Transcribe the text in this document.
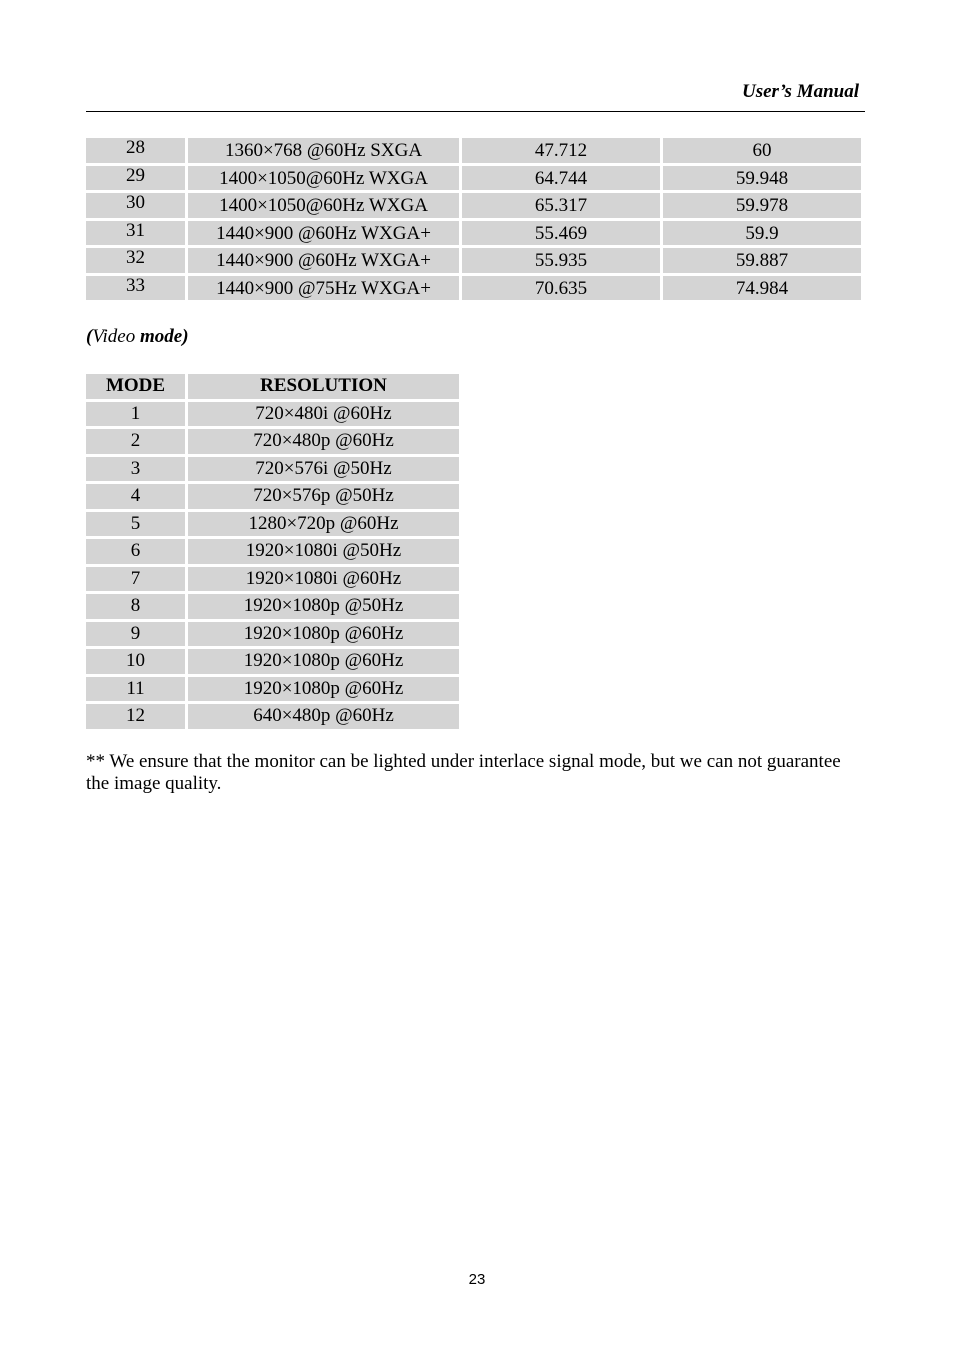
User’s Manual
28	1360×768 @60Hz SXGA	47.712	60
29	1400×1050@60Hz WXGA	64.744	59.948
30	1400×1050@60Hz WXGA	65.317	59.978
31	1440×900 @60Hz WXGA+	55.469	59.9
32	1440×900 @60Hz WXGA+	55.935	59.887
33	1440×900 @75Hz WXGA+	70.635	74.984
(Video mode)
MODE	RESOLUTION
1	720×480i @60Hz
2	720×480p @60Hz
3	720×576i @50Hz
4	720×576p @50Hz
5	1280×720p @60Hz
6	1920×1080i @50Hz
7	1920×1080i @60Hz
8	1920×1080p @50Hz
9	1920×1080p @60Hz
10	1920×1080p @60Hz
11	1920×1080p @60Hz
12	640×480p @60Hz
** We ensure that the monitor can be lighted under interlace signal mode, but we can not guarantee the image quality.
23
